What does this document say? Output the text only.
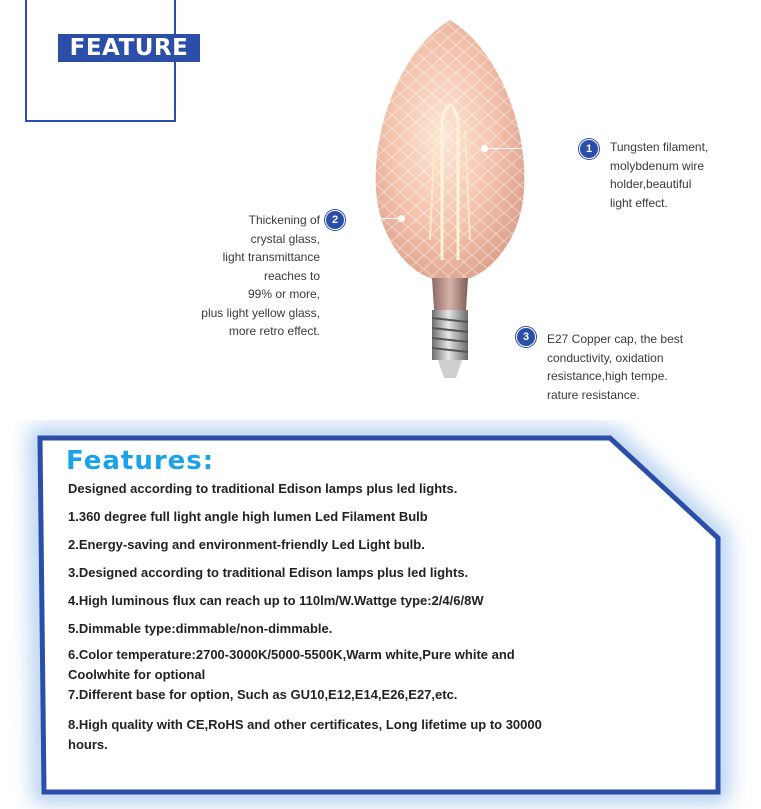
FEATURE
1	Tungsten filament,
molybdenum wire
holder,beautiful
light effect.
2
Thickening of
crystal glass,
light transmittance
reaches to
99% or more,
plus light yellow glass,
more retro effect.	3	E27 Copper cap, the best
conductivity, oxidation
resistance,high tempe.
rature resistance.
Features:
Designed according to traditional Edison lamps plus led lights.
1.360 degree full light angle high lumen Led Filament Bulb
2.Energy-saving and environment-friendly Led Light bulb.
3.Designed according to traditional Edison lamps plus led lights.
4.High luminous flux can reach up to 110lm/W.Wattge type:2/4/6/8W
5.Dimmable type:dimmable/non-dimmable.
6.Color temperature:2700-3000K/5000-5500K,Warm white,Pure white and Coolwhite for optional
7.Different base for option, Such as GU10,E12,E14,E26,E27,etc.
8.High quality with CE,RoHS and other certificates, Long lifetime up to 30000 hours.
